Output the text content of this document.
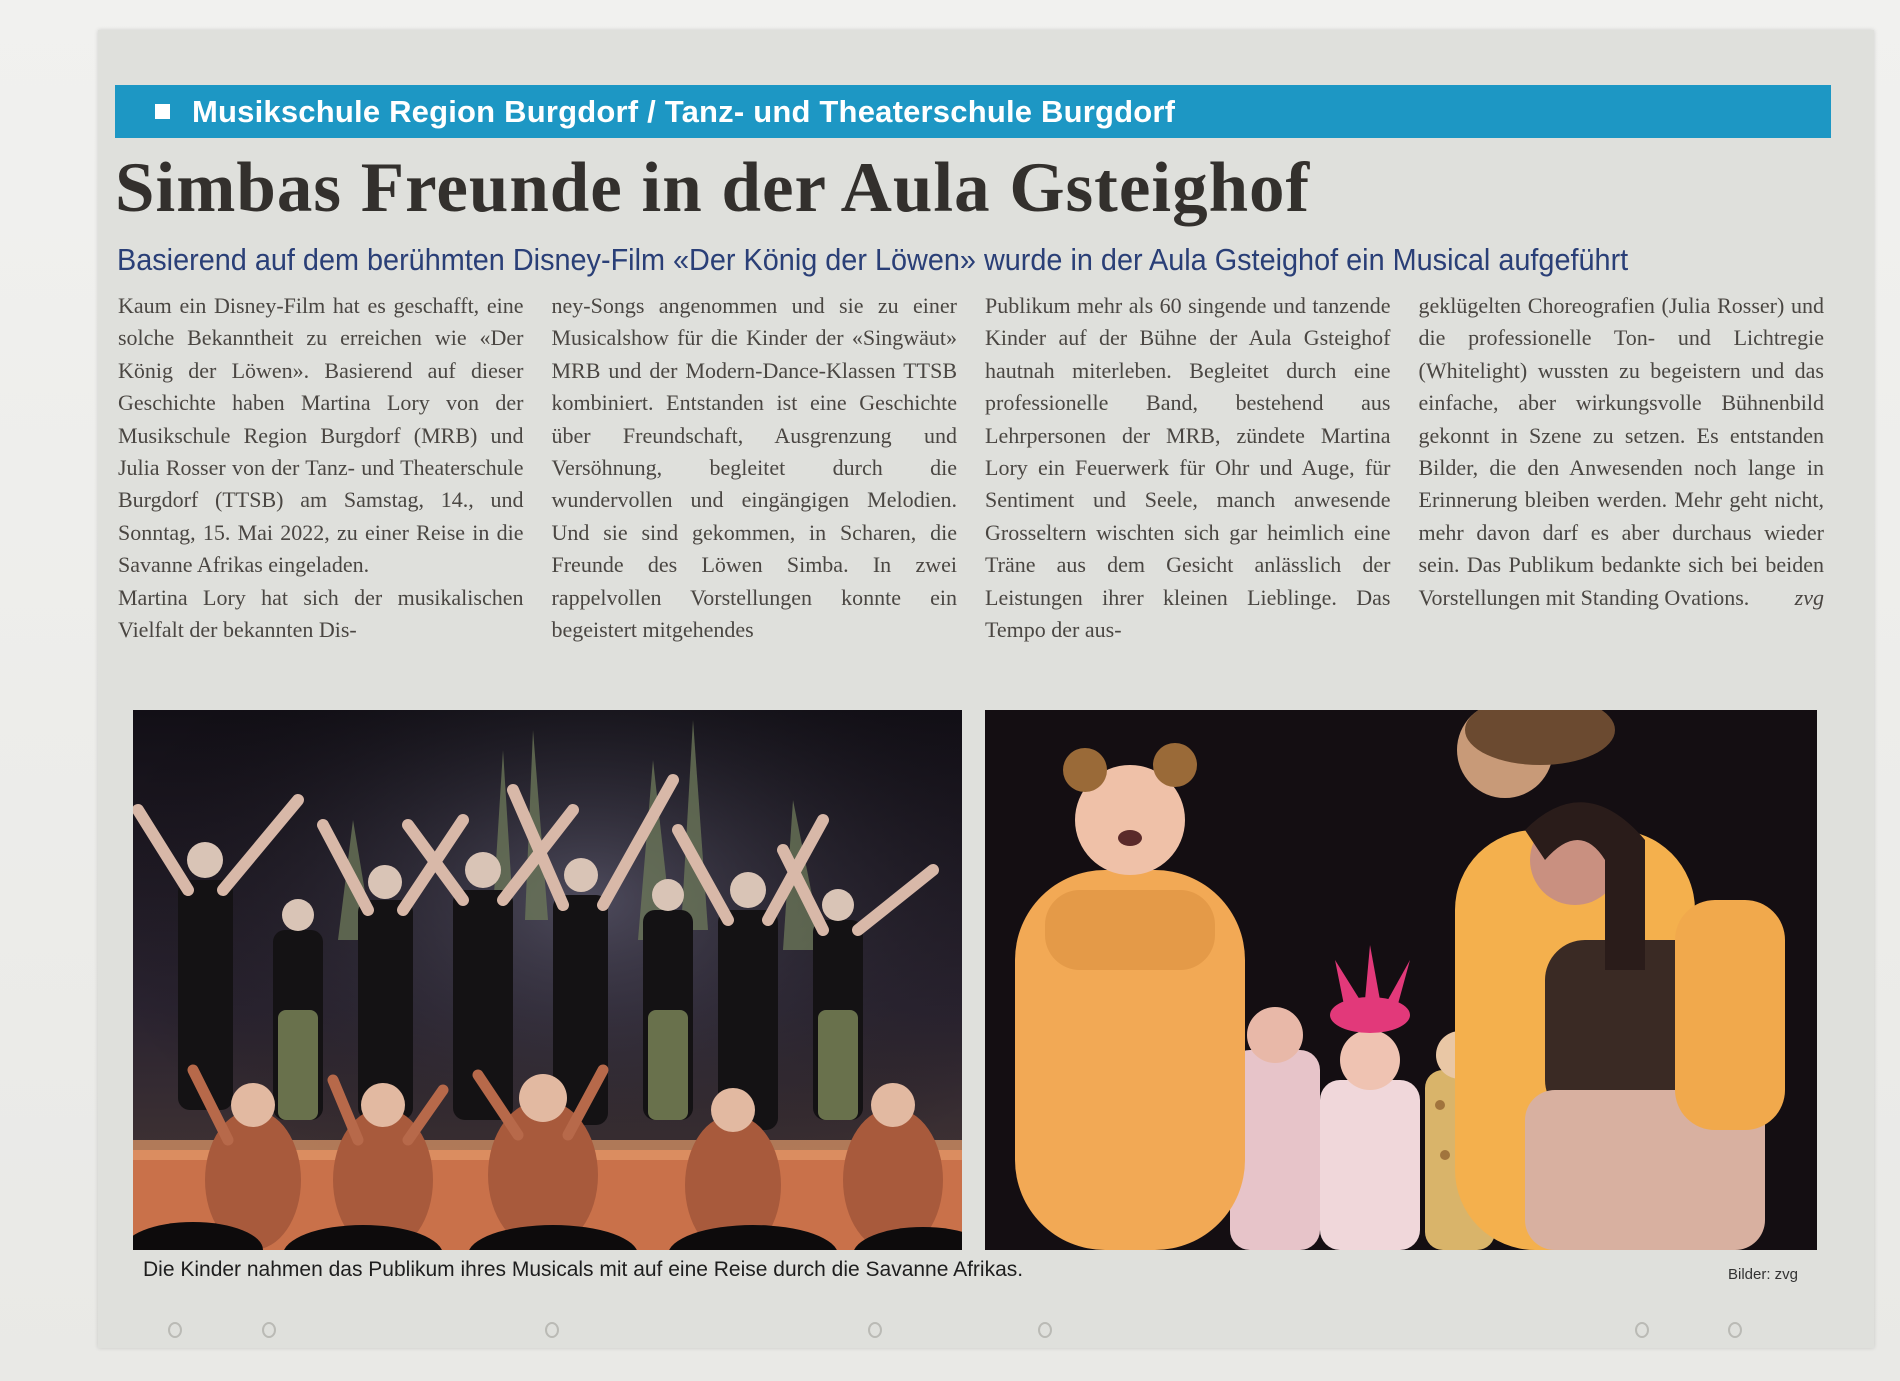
Musikschule Region Burgdorf / Tanz- und Theaterschule Burgdorf
Simbas Freunde in der Aula Gsteighof
Basierend auf dem berühmten Disney-Film «Der König der Löwen» wurde in der Aula Gsteighof ein Musical aufgeführt

Kaum ein Disney-Film hat es geschafft, eine solche Bekanntheit zu erreichen wie «Der König der Löwen». Basierend auf dieser Geschichte haben Martina Lory von der Musikschule Region Burgdorf (MRB) und Julia Rosser von der Tanz- und Theaterschule Burgdorf (TTSB) am Samstag, 14., und Sonntag, 15. Mai 2022, zu einer Reise in die Savanne Afrikas eingeladen.

Martina Lory hat sich der musikalischen Vielfalt der bekannten Dis-

ney-Songs angenommen und sie zu einer Musicalshow für die Kinder der «Singwäut» MRB und der Modern-Dance-Klassen TTSB kombiniert. Entstanden ist eine Geschichte über Freundschaft, Ausgrenzung und Versöhnung, begleitet durch die wundervollen und eingängigen Melodien. Und sie sind gekommen, in Scharen, die Freunde des Löwen Simba. In zwei rappelvollen Vorstellungen konnte ein begeistert mitgehendes

Publikum mehr als 60 singende und tanzende Kinder auf der Bühne der Aula Gsteighof hautnah miterleben. Begleitet durch eine professionelle Band, bestehend aus Lehrpersonen der MRB, zündete Martina Lory ein Feuerwerk für Ohr und Auge, für Sentiment und Seele, manch anwesende Grosseltern wischten sich gar heimlich eine Träne aus dem Gesicht anlässlich der Leistungen ihrer kleinen Lieblinge. Das Tempo der aus-

geklügelten Choreografien (Julia Rosser) und die professionelle Ton- und Lichtregie (Whitelight) wussten zu begeistern und das einfache, aber wirkungsvolle Bühnenbild gekonnt in Szene zu setzen. Es entstanden Bilder, die den Anwesenden noch lange in Erinnerung bleiben werden. Mehr geht nicht, mehr davon darf es aber durchaus wieder sein. Das Publikum bedankte sich bei beiden Vorstellungen mit Standing Ovations. zvg

Die Kinder nahmen das Publikum ihres Musicals mit auf eine Reise durch die Savanne Afrikas.	Bilder: zvg
